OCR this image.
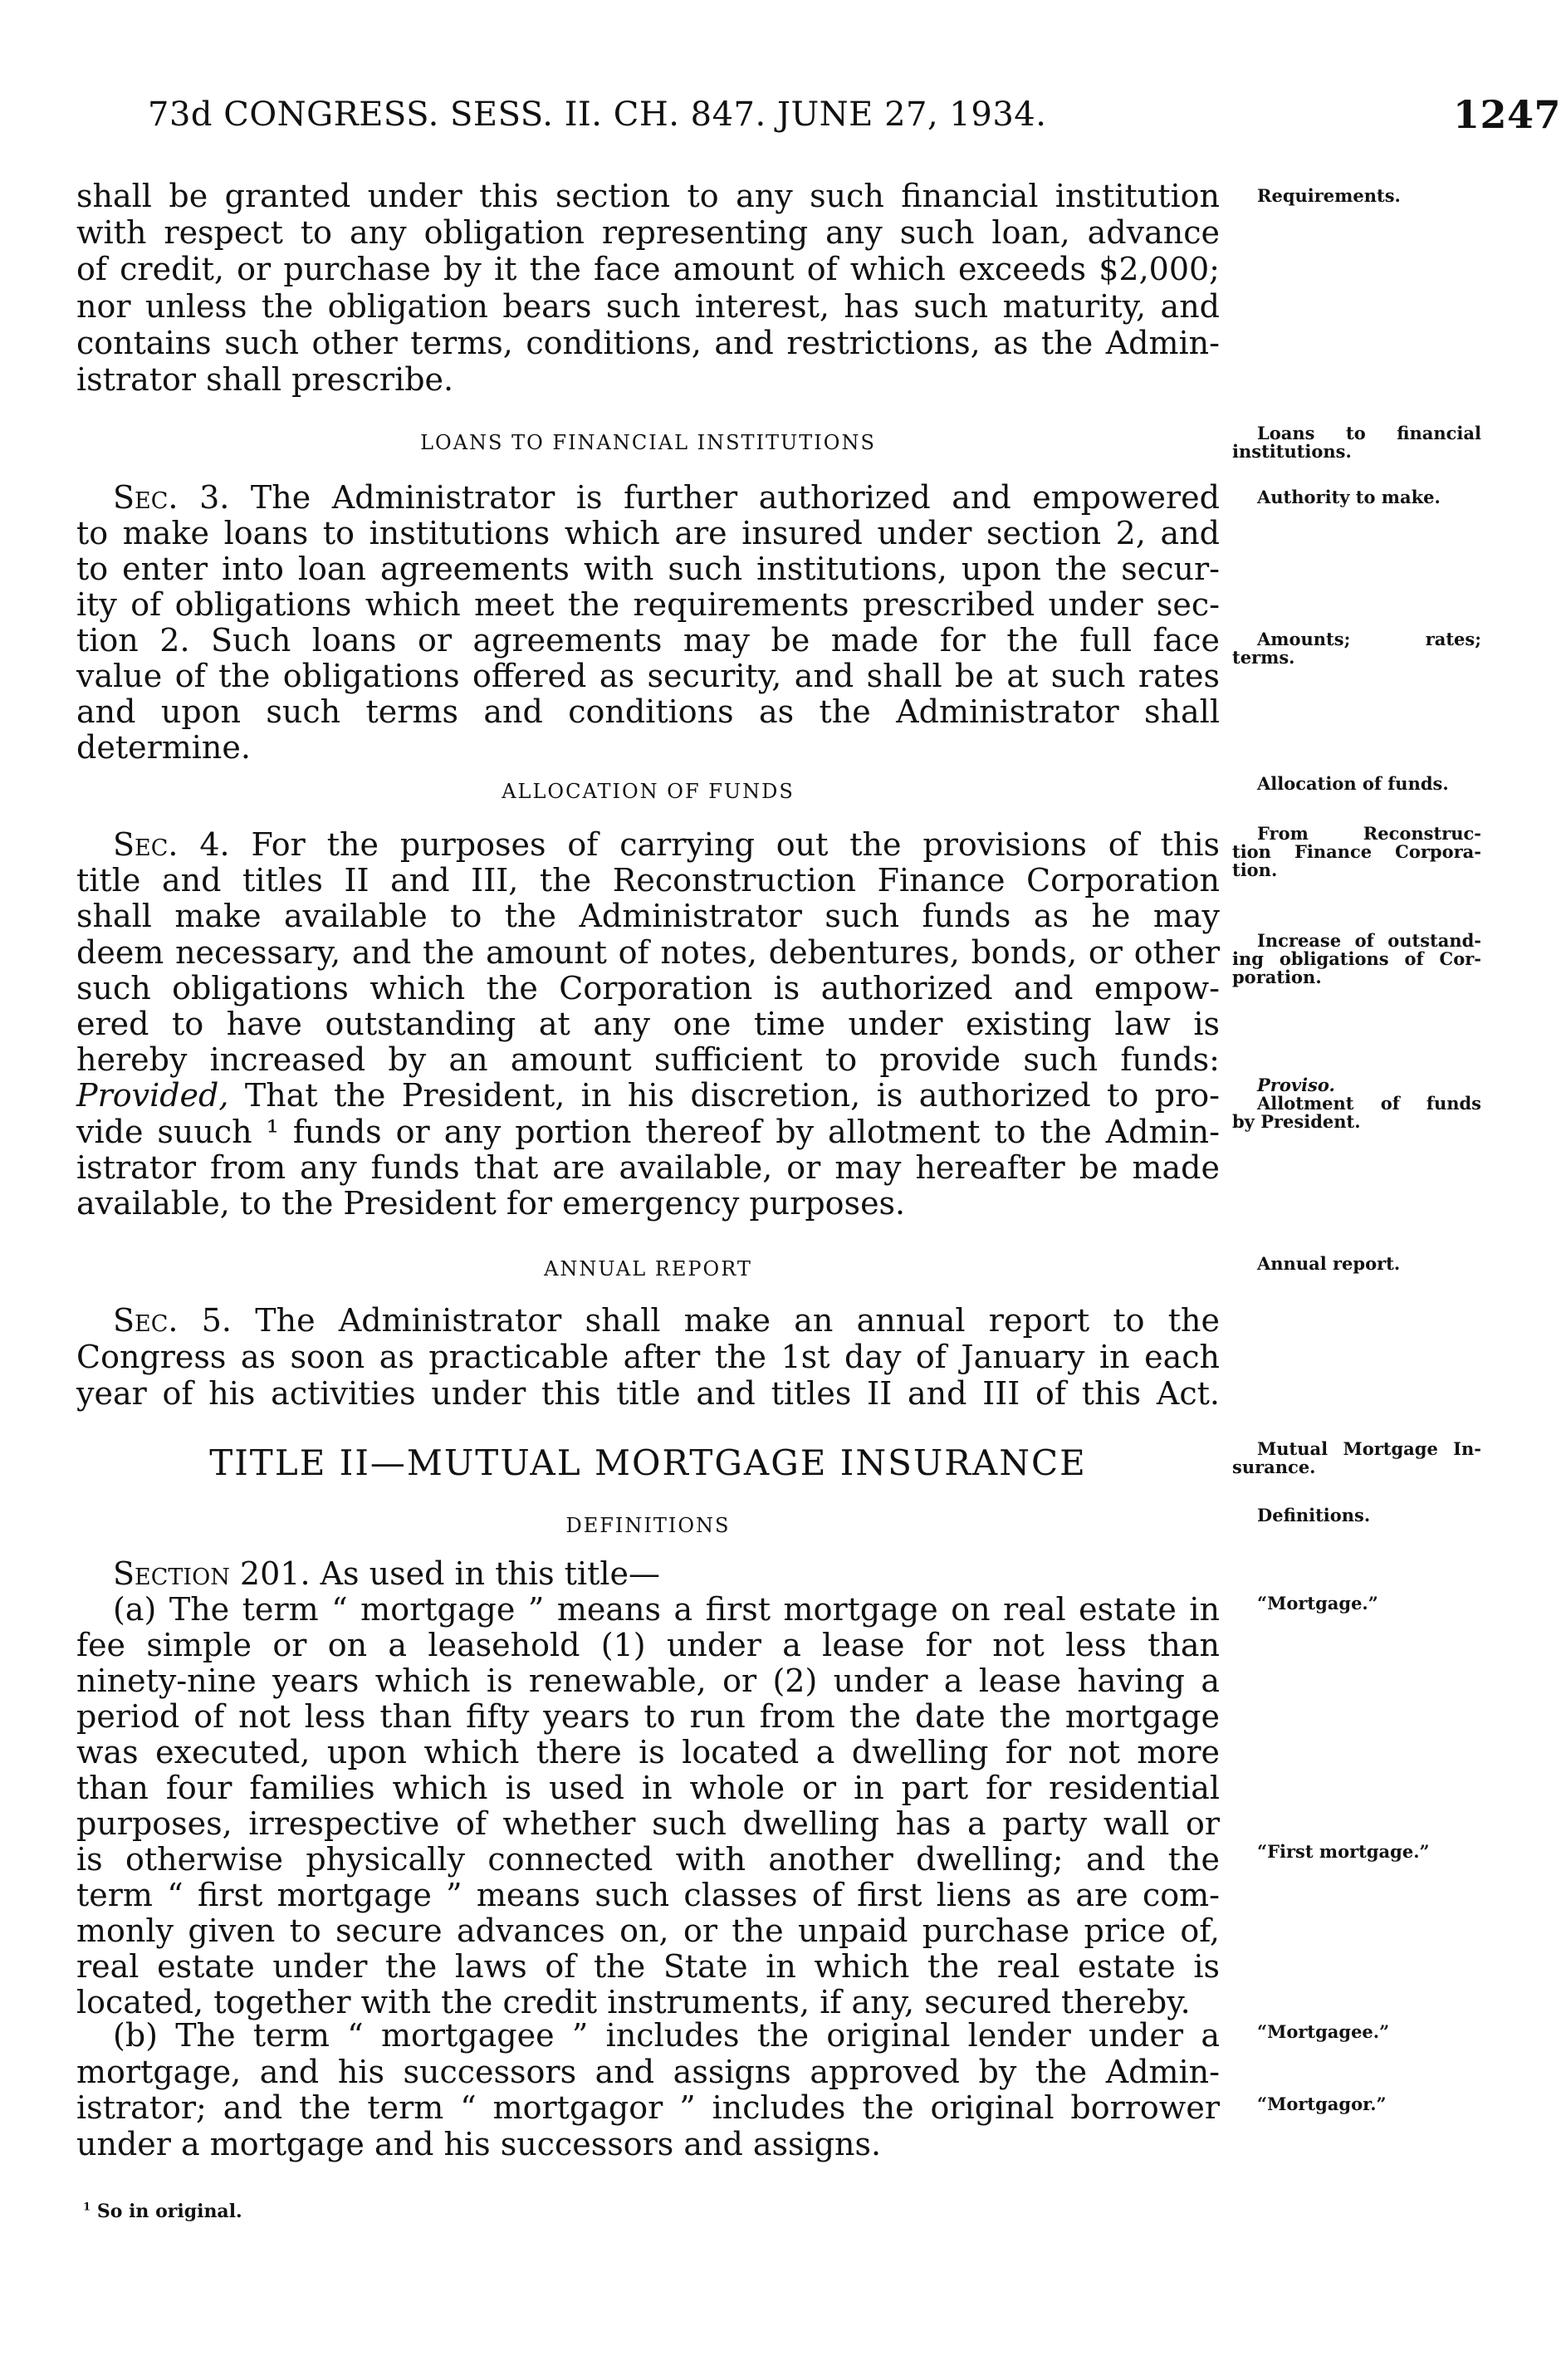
73d CONGRESS. SESS. II. CH. 847. JUNE 27, 1934.	1247
LOANS TO FINANCIAL INSTITUTIONS
ALLOCATION OF FUNDS
ANNUAL REPORT
TITLE II—MUTUAL MORTGAGE INSURANCE
DEFINITIONS
shall be granted under this section to any such financial institution
with respect to any obligation representing any such loan, advance
of credit, or purchase by it the face amount of which exceeds $2,000;
nor unless the obligation bears such interest, has such maturity, and
contains such other terms, conditions, and restrictions, as the Admin-
istrator shall prescribe.
Sec. 3. The Administrator is further authorized and empowered
to make loans to institutions which are insured under section 2, and
to enter into loan agreements with such institutions, upon the secur-
ity of obligations which meet the requirements prescribed under sec-
tion 2. Such loans or agreements may be made for the full face
value of the obligations offered as security, and shall be at such rates
and upon such terms and conditions as the Administrator shall
determine.
Sec. 4. For the purposes of carrying out the provisions of this
title and titles II and III, the Reconstruction Finance Corporation
shall make available to the Administrator such funds as he may
deem necessary, and the amount of notes, debentures, bonds, or other
such obligations which the Corporation is authorized and empow-
ered to have outstanding at any one time under existing law is
hereby increased by an amount sufficient to provide such funds:
Provided, That the President, in his discretion, is authorized to pro-
vide suuch ¹ funds or any portion thereof by allotment to the Admin-
istrator from any funds that are available, or may hereafter be made
available, to the President for emergency purposes.
Sec. 5. The Administrator shall make an annual report to the
Congress as soon as practicable after the 1st day of January in each
year of his activities under this title and titles II and III of this Act.
Section 201. As used in this title—
(a) The term “ mortgage ” means a first mortgage on real estate in
fee simple or on a leasehold (1) under a lease for not less than
ninety-nine years which is renewable, or (2) under a lease having a
period of not less than fifty years to run from the date the mortgage
was executed, upon which there is located a dwelling for not more
than four families which is used in whole or in part for residential
purposes, irrespective of whether such dwelling has a party wall or
is otherwise physically connected with another dwelling; and the
term “ first mortgage ” means such classes of first liens as are com-
monly given to secure advances on, or the unpaid purchase price of,
real estate under the laws of the State in which the real estate is
located, together with the credit instruments, if any, secured thereby.
(b) The term “ mortgagee ” includes the original lender under a
mortgage, and his successors and assigns approved by the Admin-
istrator; and the term “ mortgagor ” includes the original borrower
under a mortgage and his successors and assigns.
Requirements.
Loans to financial
institutions.
Authority to make.
Amounts; rates;
terms.
Allocation of funds.
From Reconstruc-
tion Finance Corpora-
tion.
Increase of outstand-
ing obligations of Cor-
poration.
Proviso.
Allotment of funds
by President.
Annual report.
Mutual Mortgage In-
surance.
Definitions.
“Mortgage.”
“First mortgage.”
“Mortgagee.”
“Mortgagor.”
$^1$ So in original.
